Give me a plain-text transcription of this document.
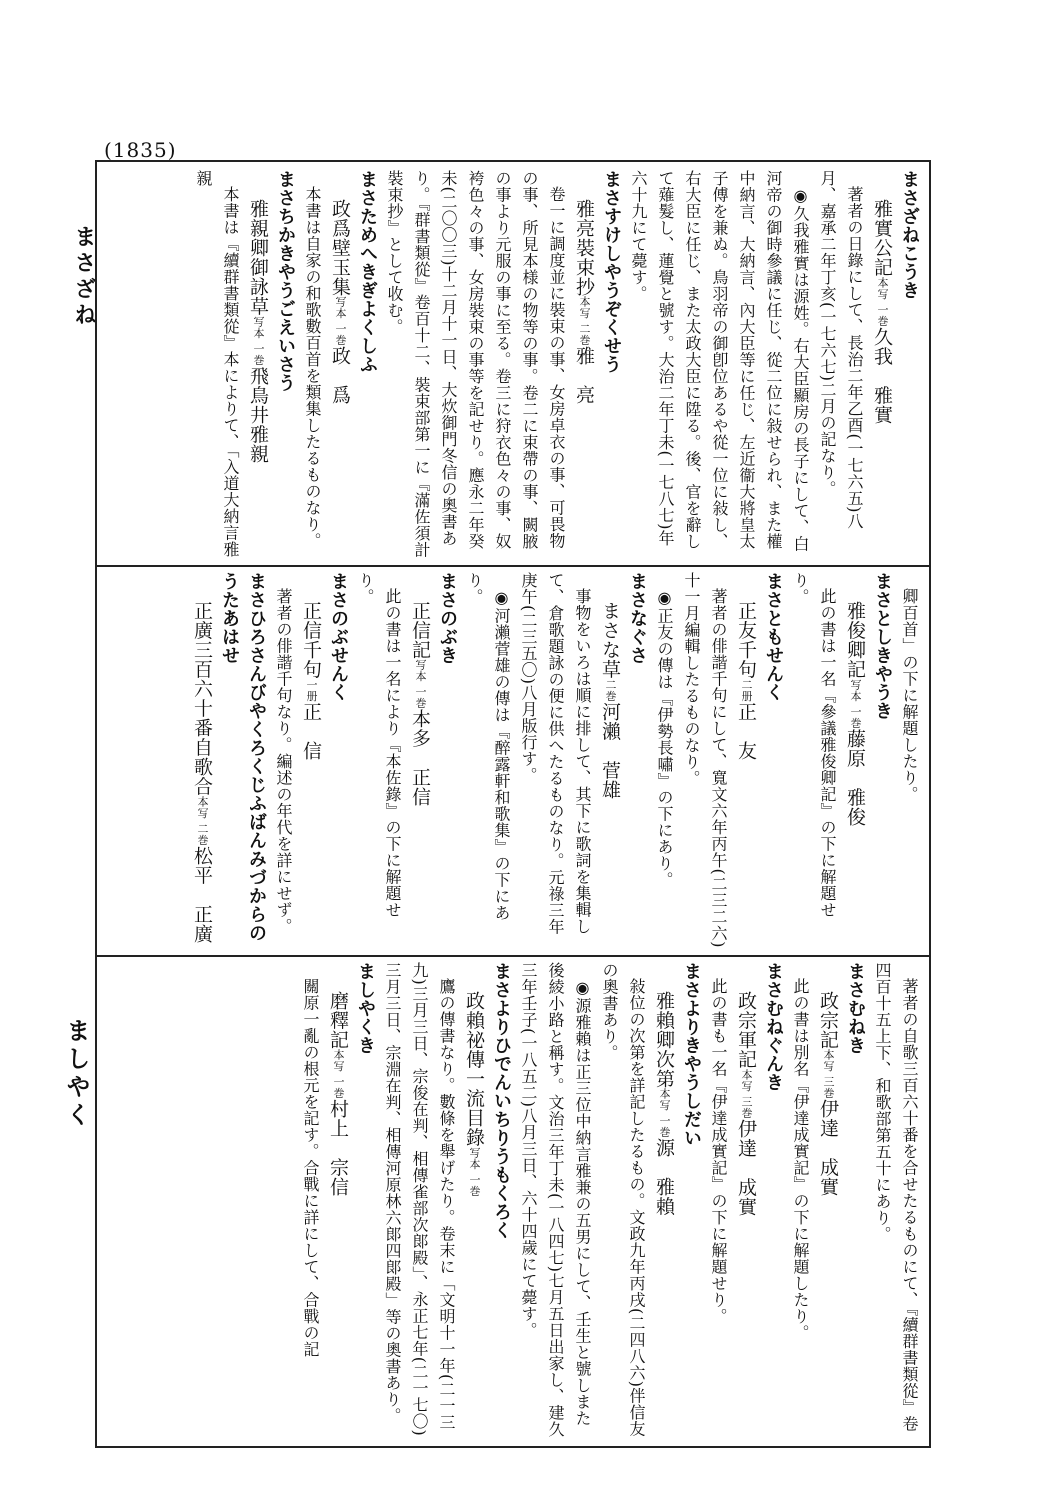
(1835)
まさざね
ましやく

まさざねこうき

雅實公記本写 一巻久我　雅實

著者の日錄にして、長治二年乙酉(一七六五)八月、嘉承二年丁亥(一七六七)二月の記なり。

◉久我雅實は源姓。右大臣顯房の長子にして、白河帝の御時參議に任じ、從二位に敍せられ、また權中納言、大納言、內大臣等に任じ、左近衞大將皇太子傅を兼ぬ。鳥羽帝の御卽位あるや從一位に敍し、右大臣に任じ、また太政大臣に陞る。後、官を辭して薙髮し、蓮覺と號す。大治二年丁未(一七八七)年六十九にて薨す。

まさすけしやうぞくせう

雅亮裝束抄本写 二巻雅　亮

卷一に調度並に裝束の事、女房卓衣の事、可畏物の事、所見本様の物等の事。卷二に束帶の事、闕腋の事より元服の事に至る。卷三に狩衣色々の事、奴袴色々の事、女房裝束の事等を記せり。應永二年癸未(二〇〇三)十二月十一日、大炊御門冬信の奧書あり。『群書類從』卷百十二、裝束部第一に『滿佐須計裝束抄』として收む。

まさためへきぎよくしふ

政爲壁玉集写本 一巻政　爲

本書は自家の和歌數百首を類集したるものなり。

まさちかきやうごえいさう

雅親卿御詠草写本 一巻飛鳥井雅親

本書は『續群書類從』本によりて、「入道大納言雅親

卿百首」の下に解題したり。

まさとしきやうき

雅俊卿記写本 一巻藤原　雅俊

此の書は一名『參議雅俊卿記』の下に解題せり。

まさともせんく

正友千句二册正　友

著者の俳諧千句にして、寬文六年丙午(二三二六)十一月編輯したるものなり。

◉正友の傳は『伊勢長嘯』の下にあり。

まさなぐさ

まさな草二巻河瀨　菅雄

事物をいろは順に排して、其下に歌詞を集輯して、倉歌題詠の便に供へたるものなり。元祿三年庚午(二三五〇)八月版行す。

◉河瀨菅雄の傳は『醉露軒和歌集』の下にあり。

まさのぶき

正信記写本 一巻本多　正信

此の書は一名により『本佐錄』の下に解題せり。

まさのぶせんく

正信千句一册正　信

著者の俳諧千句なり。編述の年代を詳にせず。

まさひろさんびやくろくじふばんみづからのうたあはせ

正廣三百六十番自歌合本写 二巻松平　正廣

著者の自歌三百六十番を合せたるものにて、『續群書類從』卷四百十五上下、和歌部第五十にあり。

まさむねき

政宗記本写 三巻伊達　成實

此の書は別名『伊達成實記』の下に解題したり。

まさむねぐんき

政宗軍記本写 三巻伊達　成實

此の書も一名『伊達成實記』の下に解題せり。

まさよりきやうしだい

雅賴卿次第本写 一巻源　雅賴

敍位の次第を詳記したるもの。文政九年丙戌(二四八六)伴信友の奧書あり。

◉源雅賴は正三位中納言雅兼の五男にして、壬生と號しまた後綾小路と稱す。文治三年丁未(一八四七)七月五日出家し、建久三年壬子(一八五二)八月三日、六十四歲にて薨す。

まさよりひでんいちりうもくろく

政賴祕傳一流目錄写本 一巻

鷹の傳書なり。數條を舉げたり。卷末に「文明十一年(二一三九)三月三日、宗俊在判、相傳雀部次郞殿」、永正七年(二一七〇)三月三日、宗淵在判、相傳河原林六郞四郞殿」等の奧書あり。

ましやくき

磨釋記本写 一巻村上　宗信

關原一亂の根元を記す。合戰に詳にして、合戰の記
